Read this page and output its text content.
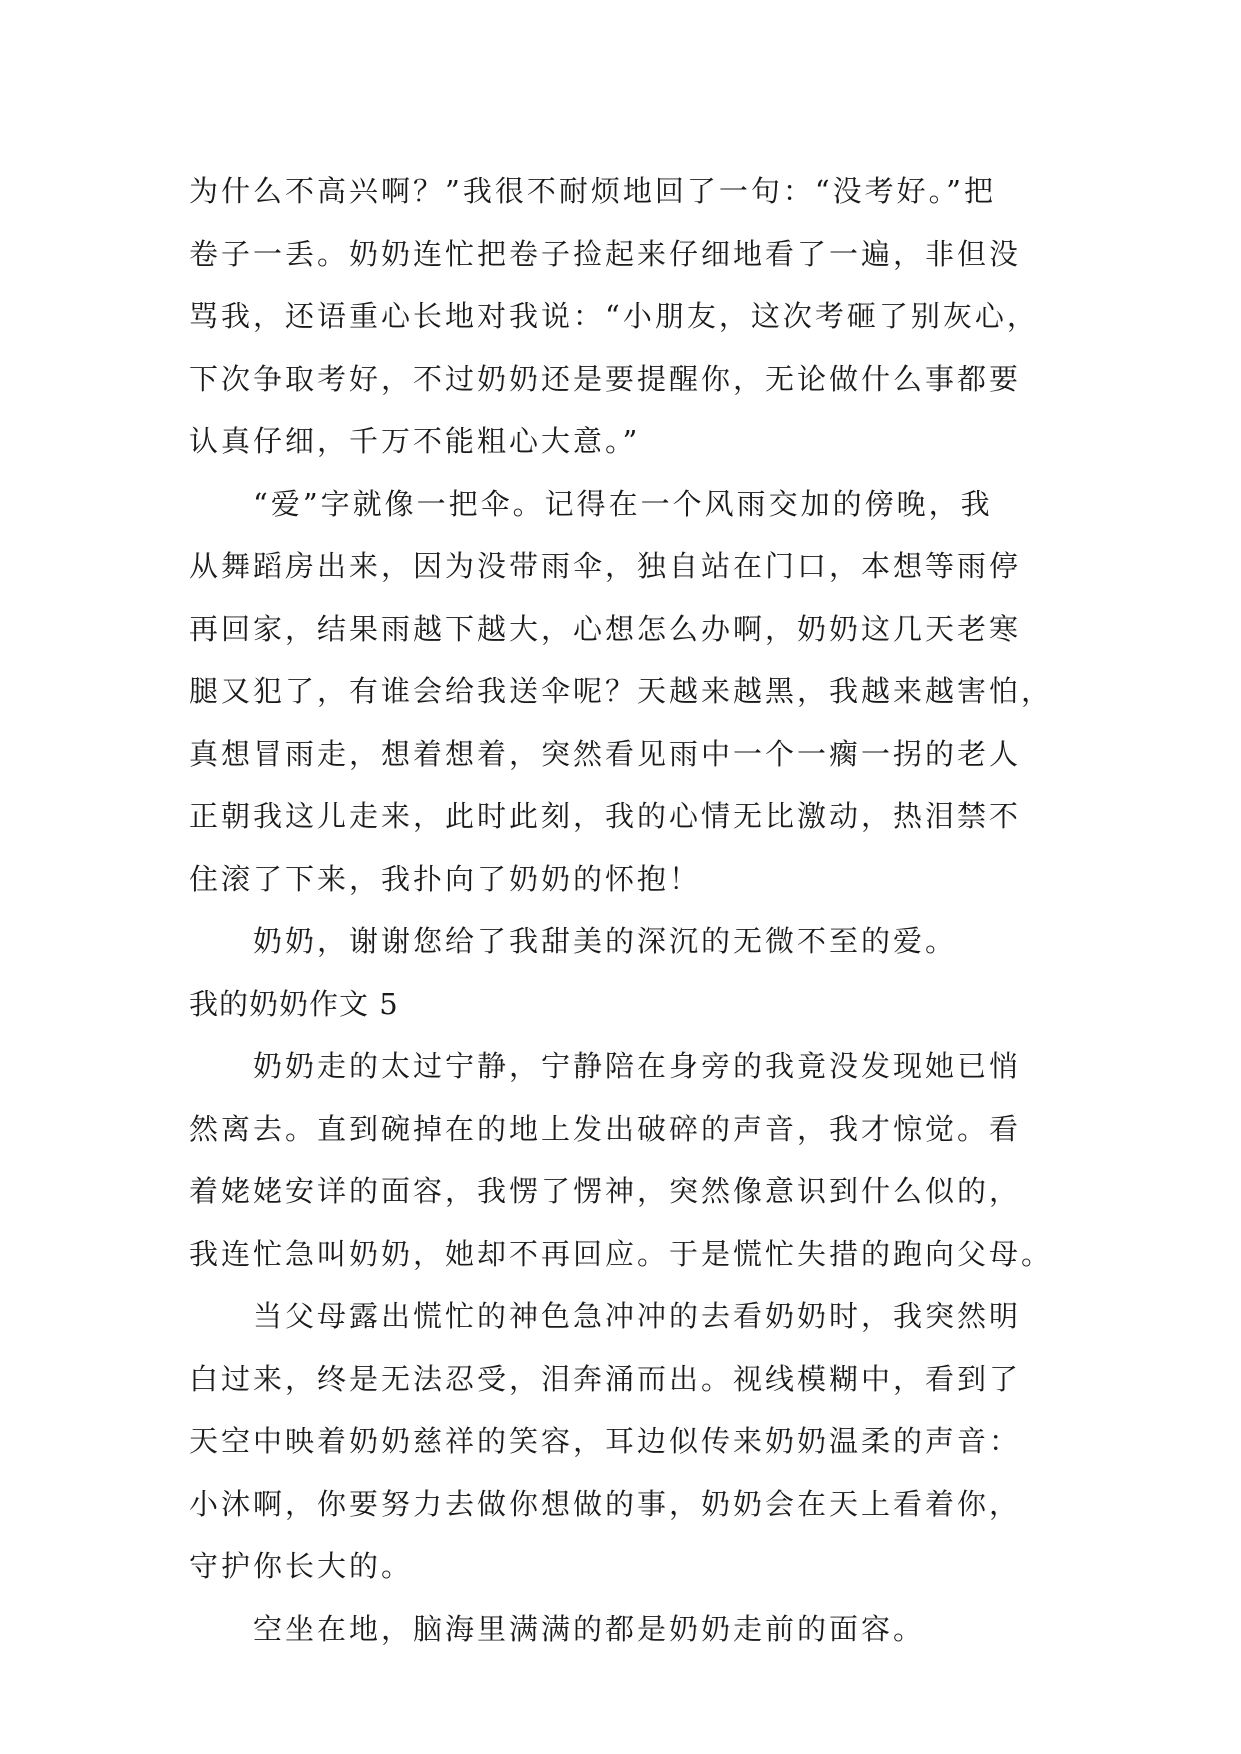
为什么不高兴啊？”我很不耐烦地回了一句：“没考好。”把
卷子一丢。奶奶连忙把卷子捡起来仔细地看了一遍，非但没
骂我，还语重心长地对我说：“小朋友，这次考砸了别灰心，
下次争取考好，不过奶奶还是要提醒你，无论做什么事都要
认真仔细，千万不能粗心大意。”
“爱”字就像一把伞。记得在一个风雨交加的傍晚，我
从舞蹈房出来，因为没带雨伞，独自站在门口，本想等雨停
再回家，结果雨越下越大，心想怎么办啊，奶奶这几天老寒
腿又犯了，有谁会给我送伞呢？天越来越黑，我越来越害怕，
真想冒雨走，想着想着，突然看见雨中一个一瘸一拐的老人
正朝我这儿走来，此时此刻，我的心情无比激动，热泪禁不
住滚了下来，我扑向了奶奶的怀抱！
奶奶，谢谢您给了我甜美的深沉的无微不至的爱。
我的奶奶作文 5
奶奶走的太过宁静，宁静陪在身旁的我竟没发现她已悄
然离去。直到碗掉在的地上发出破碎的声音，我才惊觉。看
着姥姥安详的面容，我愣了愣神，突然像意识到什么似的，
我连忙急叫奶奶，她却不再回应。于是慌忙失措的跑向父母。
当父母露出慌忙的神色急冲冲的去看奶奶时，我突然明
白过来，终是无法忍受，泪奔涌而出。视线模糊中，看到了
天空中映着奶奶慈祥的笑容，耳边似传来奶奶温柔的声音：
小沐啊，你要努力去做你想做的事，奶奶会在天上看着你，
守护你长大的。
空坐在地，脑海里满满的都是奶奶走前的面容。
